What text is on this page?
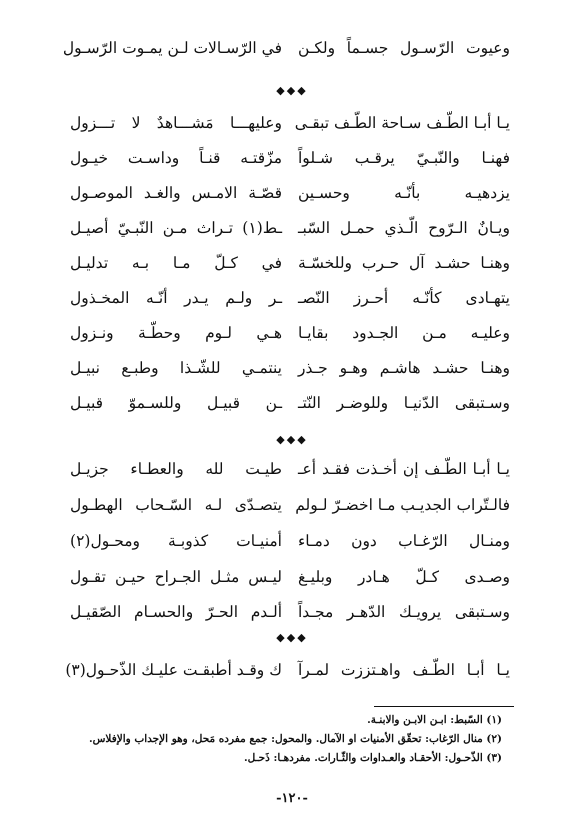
وعيوت الرّسـول جسـماً ولكـن
في الرّسـالات لـن يمـوت الرّسـول
◆◆◆
يـا أبـا الطّـف سـاحة الطّـف تبقـى
وعليهـــا مَشـــاهدٌ لا تـــزول
فهنـا والنّبـيّ يرقـب شـلواً
مزّقتـه قنـاً وداسـت خيـول
يزدهيـه بأنّـه وحسـين
قصّـة الامـس والغـد الموصـول
ويـانٌ الـرّوح الّـذي حمـل السّبـ
ـط(١) تـراث مـن النّبـيّ أصيـل
وهنـا حشـد آل حـرب وللخسّـة
في كـلّ مـا بـه تدليـل
يتهـادى كأنّـه أحـرز النّصـ
ـر ولـم يـدر أنّـه المخـذول
وعليـه مـن الجـدود بقايـا
هـي لـوم وحطّـة ونـزول
وهنـا حشـد هاشـم وهـو جـذر
ينتمـي للشّـذا وطبـع نبيـل
وسـتبقى الدّنيـا وللوضـر النّتـ
ـن قبيـل وللسـموّ قبيـل
◆◆◆
يـا أبـا الطّـف إن أخـذت فقـد أعـ
طيـت لله والعطـاء جزيـل
فالـتّراب الجديـب مـا اخضـرّ لـولم
يتصـدّى لـه السّـحاب الهطـول
ومنـال الرّغـاب دون دمـاء
أمنيـات كذوبـة ومحـول(٢)
وصـدى كـلّ هـادر وبليـغ
ليـس مثـل الجـراح حيـن تقـول
وسـتبقى يرويـك الدّهـر مجـداً
ألـدم الحـرّ والحسـام الصّقيـل
◆◆◆
يـا أبـا الطّـف واهـتززت لمـرآ
ك وقـد أطبقـت عليـك الذّحـول(٣)
(١) السّبط: ابـن الابـن والابنـة.
(٢) منال الرّغاب: تحقّق الأمنيات او الآمال. والمحول: جمع مفرده مَحل، وهو الإجداب والإفلاس.
(٣) الذّحـول: الأحقـاد والعـداوات والثّـارات. مفردهـا: ذَحـل.
-١٢٠-
